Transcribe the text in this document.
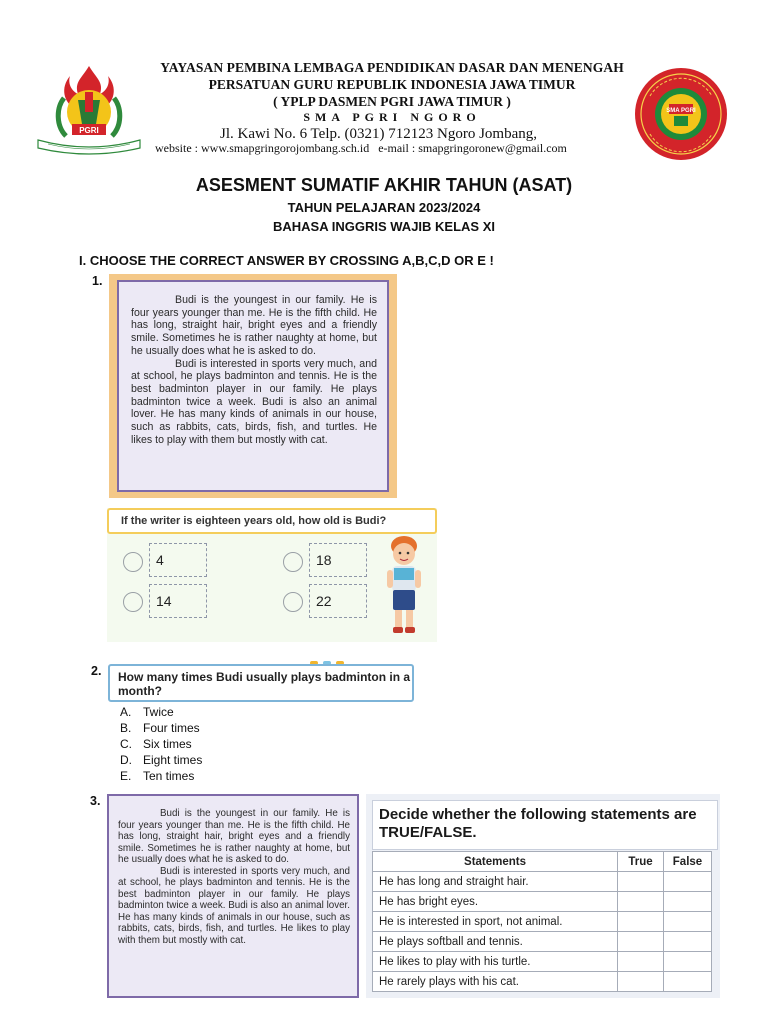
PGRI
SMA PGRI
YAYASAN PEMBINA LEMBAGA PENDIDIKAN DASAR DAN MENENGAH
PERSATUAN GURU REPUBLIK INDONESIA JAWA TIMUR
( YPLP DASMEN PGRI JAWA TIMUR )
SMA PGRI NGORO
Jl. Kawi No. 6 Telp. (0321) 712123 Ngoro Jombang,
website : www.smapgringorojombang.sch.id e-mail : smapgringoronew@gmail.com
ASESMENT SUMATIF AKHIR TAHUN (ASAT)
TAHUN PELAJARAN 2023/2024
BAHASA INGGRIS WAJIB KELAS XI
I. CHOOSE THE CORRECT ANSWER BY CROSSING A,B,C,D OR E !
1.

Budi is the youngest in our family. He is four years younger than me. He is the fifth child. He has long, straight hair, bright eyes and a friendly smile. Sometimes he is rather naughty at home, but he usually does what he is asked to do.

Budi is interested in sports very much, and at school, he plays badminton and tennis. He is the best badminton player in our family. He plays badminton twice a week. Budi is also an animal lover. He has many kinds of animals in our house, such as rabbits, cats, birds, fish, and turtles. He likes to play with them but mostly with cat.

If the writer is eighteen years old, how old is Budi?
4	18
14	22
2.	How many times Budi usually plays badminton in a month?
A. Twice
B. Four times
C. Six times
D. Eight times
E. Ten times
3.

Budi is the youngest in our family. He is four years younger than me. He is the fifth child. He has long, straight hair, bright eyes and a friendly smile. Sometimes he is rather naughty at home, but he usually does what he is asked to do.

Budi is interested in sports very much, and at school, he plays badminton and tennis. He is the best badminton player in our family. He plays badminton twice a week. Budi is also an animal lover. He has many kinds of animals in our house, such as rabbits, cats, birds, fish, and turtles. He likes to play with them but mostly with cat.

Decide whether the following statements are TRUE/FALSE.
Statements	True	False
He has long and straight hair.		
He has bright eyes.		
He is interested in sport, not animal.		
He plays softball and tennis.		
He likes to play with his turtle.		
He rarely plays with his cat.		
